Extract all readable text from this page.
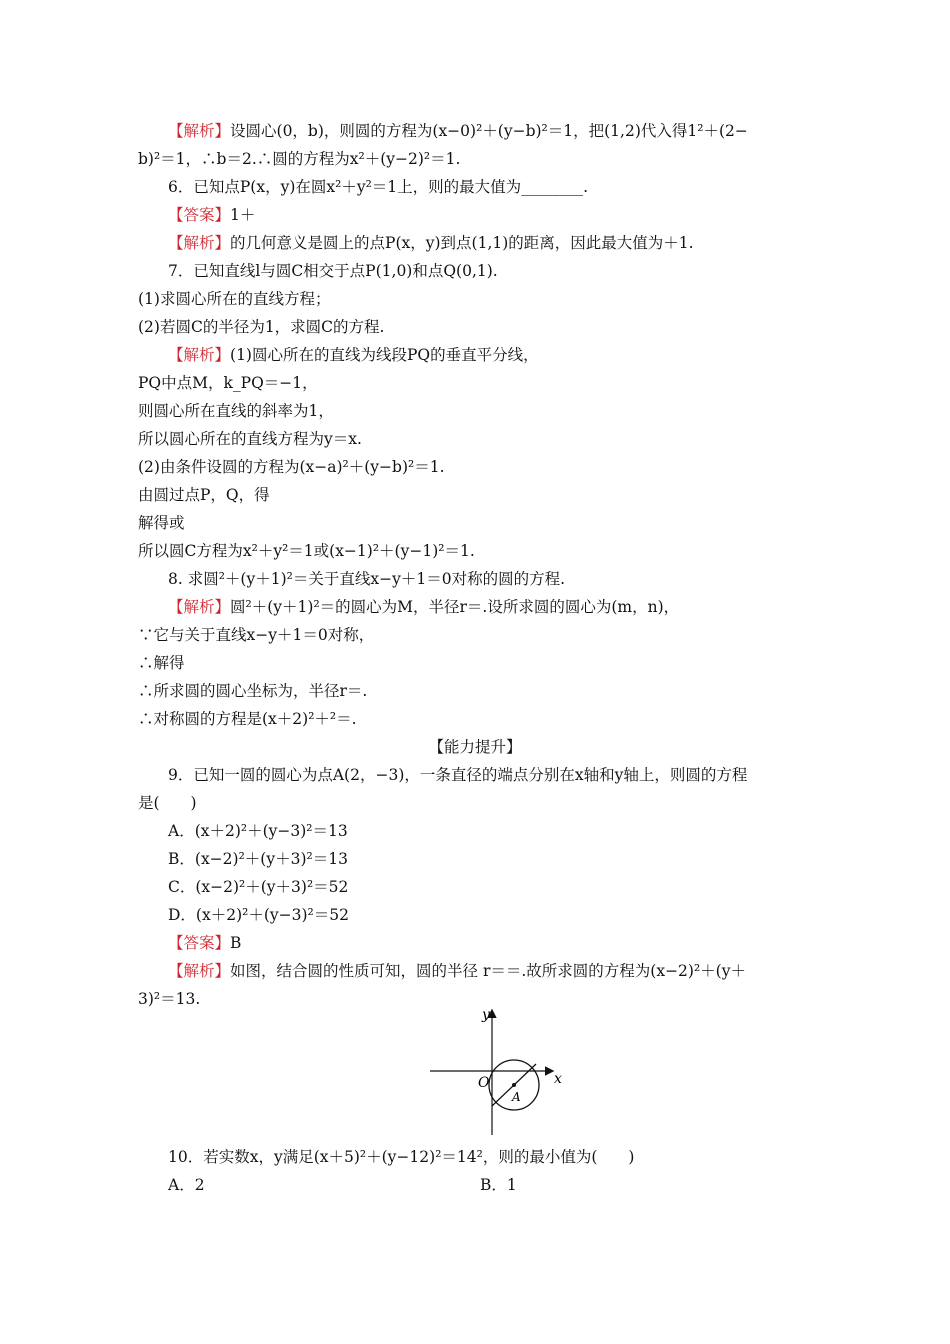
【解析】设圆心(0，b)，则圆的方程为(x−0)²＋(y−b)²＝1，把(1,2)代入得1²＋(2−
b)²＝1，∴b＝2.∴圆的方程为x²＋(y−2)²＝1.
6．已知点P(x，y)在圆x²＋y²＝1上，则的最大值为________.
【答案】1＋
【解析】的几何意义是圆上的点P(x，y)到点(1,1)的距离，因此最大值为＋1.
7．已知直线l与圆C相交于点P(1,0)和点Q(0,1).
(1)求圆心所在的直线方程；
(2)若圆C的半径为1，求圆C的方程.
【解析】(1)圆心所在的直线为线段PQ的垂直平分线，
PQ中点M，k_PQ＝−1，
则圆心所在直线的斜率为1，
所以圆心所在的直线方程为y＝x.
(2)由条件设圆的方程为(x−a)²＋(y−b)²＝1.
由圆过点P，Q，得
解得或
所以圆C方程为x²＋y²＝1或(x−1)²＋(y−1)²＝1.
8. 求圆²＋(y＋1)²＝关于直线x−y＋1＝0对称的圆的方程.
【解析】圆²＋(y＋1)²＝的圆心为M，半径r＝.设所求圆的圆心为(m，n)，
∵它与关于直线x−y＋1＝0对称，
∴解得
∴所求圆的圆心坐标为，半径r＝.
∴对称圆的方程是(x＋2)²＋²＝.
【能力提升】
9．已知一圆的圆心为点A(2，−3)，一条直径的端点分别在x轴和y轴上，则圆的方程
是(　　)
A．(x＋2)²＋(y−3)²＝13
B．(x−2)²＋(y＋3)²＝13
C．(x−2)²＋(y＋3)²＝52
D．(x＋2)²＋(y−3)²＝52
【答案】B
【解析】如图，结合圆的性质可知，圆的半径 r＝＝.故所求圆的方程为(x−2)²＋(y＋
3)²＝13.
x
y
O
A
10．若实数x，y满足(x＋5)²＋(y−12)²＝14²，则的最小值为(　　)
A．2	B．1
